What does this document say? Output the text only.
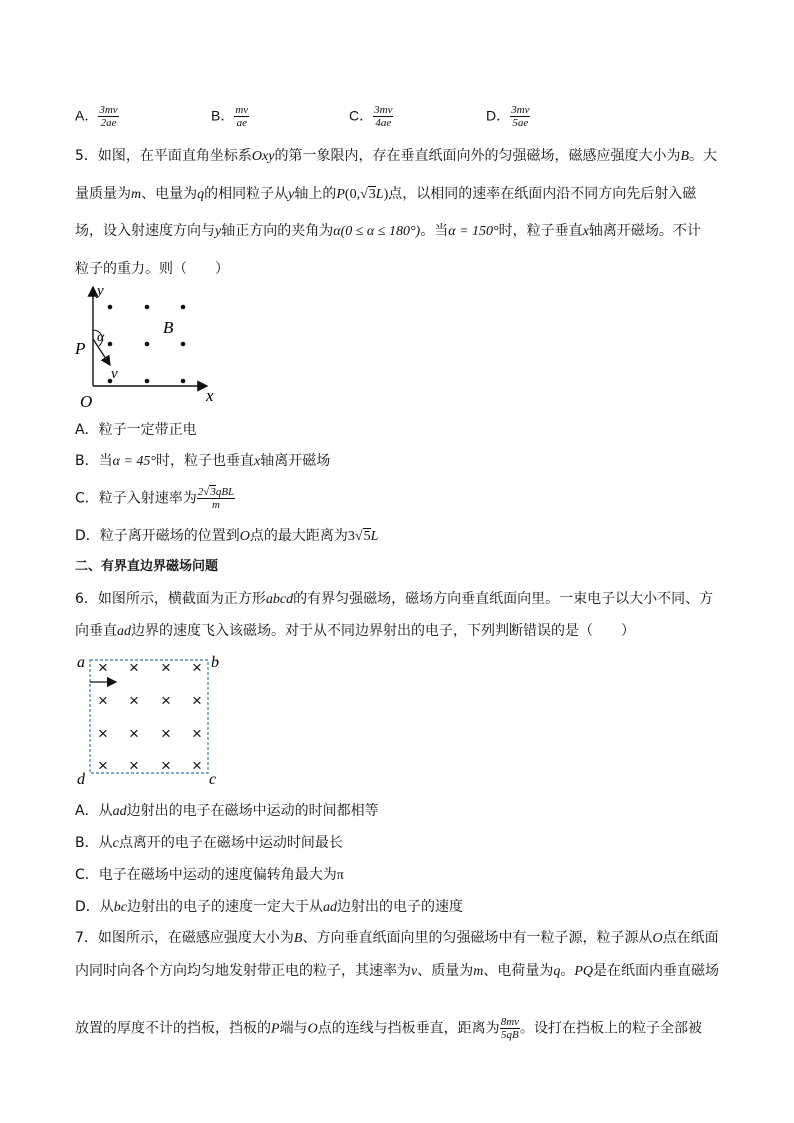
A． $\frac{3mv}{2ae}$	B． $\frac{mv}{ae}$	C． $\frac{3mv}{4ae}$	D． $\frac{3mv}{5ae}$
5．如图，在平面直角坐标系Oxy的第一象限内，存在垂直纸面向外的匀强磁场，磁感应强度大小为B。大
量质量为m、电量为q的相同粒子从y轴上的P(0,√3L)点，以相同的速率在纸面内沿不同方向先后射入磁
场，设入射速度方向与y轴正方向的夹角为α(0 ≤ α ≤ 180°)。当α = 150°时，粒子垂直x轴离开磁场。不计
粒子的重力。则（　　）
y
x
O
P
α
v
B
A．粒子一定带正电
B．当α = 45°时，粒子也垂直x轴离开磁场
C．粒子入射速率为 $\frac{\text{2√3qBL}}{m}$
D．粒子离开磁场的位置到O点的最大距离为3√5L
二、有界直边界磁场问题
6．如图所示，横截面为正方形abcd的有界匀强磁场，磁场方向垂直纸面向里。一束电子以大小不同、方
向垂直ad边界的速度飞入该磁场。对于从不同边界射出的电子，下列判断错误的是（　　）
× × × ×
× × × ×
× × × ×
× × × ×
a	b
d	c
A．从ad边射出的电子在磁场中运动的时间都相等
B．从c点离开的电子在磁场中运动时间最长
C．电子在磁场中运动的速度偏转角最大为π
D．从bc边射出的电子的速度一定大于从ad边射出的电子的速度
7．如图所示，在磁感应强度大小为B、方向垂直纸面向里的匀强磁场中有一粒子源，粒子源从O点在纸面
内同时向各个方向均匀地发射带正电的粒子，其速率为v、质量为m、电荷量为q。PQ是在纸面内垂直磁场
放置的厚度不计的挡板，挡板的P端与O点的连线与挡板垂直，距离为 $\frac{8mv}{5qB}$ 。设打在挡板上的粒子全部被
